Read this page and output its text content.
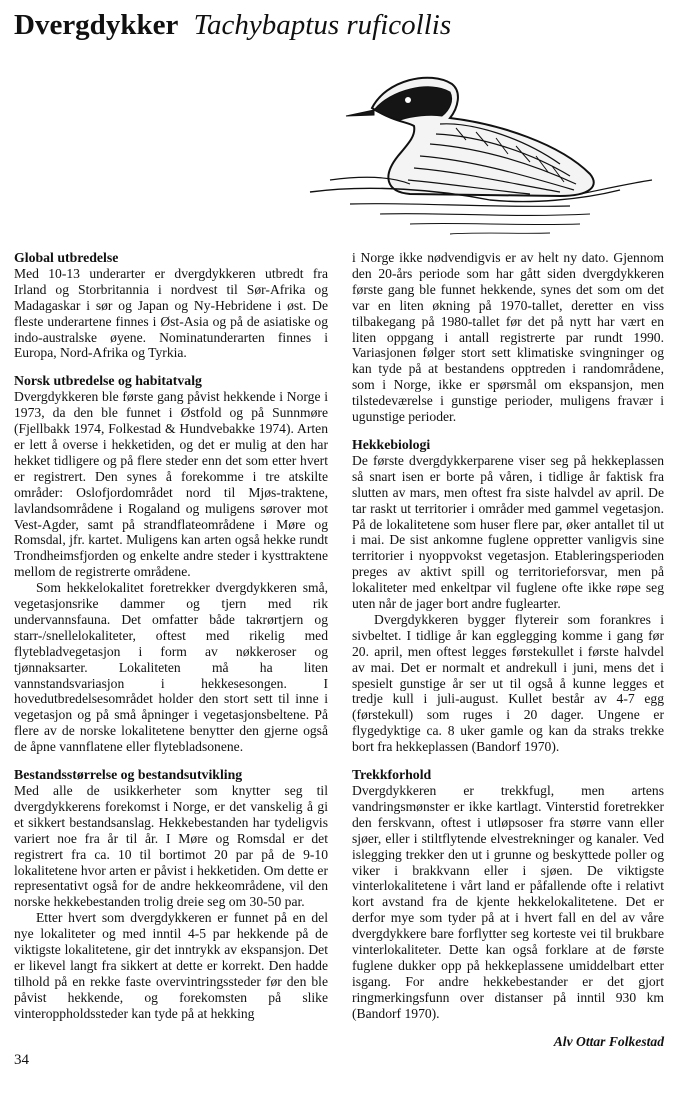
Dvergdykker Tachybaptus ruficollis
Global utbredelse

Med 10-13 underarter er dvergdykkeren utbredt fra Irland og Storbritannia i nordvest til Sør-Afrika og Madagaskar i sør og Japan og Ny-Hebridene i øst. De fleste underartene finnes i Øst-Asia og på de asiatiske og indo-australske øyene. Nominatunderarten finnes i Europa, Nord-Afrika og Tyrkia.

Norsk utbredelse og habitatvalg

Dvergdykkeren ble første gang påvist hekkende i Norge i 1973, da den ble funnet i Østfold og på Sunnmøre (Fjellbakk 1974, Folkestad & Hundvebakke 1974). Arten er lett å overse i hekketiden, og det er mulig at den har hekket tidligere og på flere steder enn det som etter hvert er registrert. Den synes å forekomme i tre atskilte områder: Oslofjordområdet nord til Mjøs-traktene, lavlandsområdene i Rogaland og muligens sørover mot Vest-Agder, samt på strandflateområdene i Møre og Romsdal, jfr. kartet. Muligens kan arten også hekke rundt Trondheimsfjorden og enkelte andre steder i kysttraktene mellom de registrerte områdene.

Som hekkelokalitet foretrekker dvergdykkeren små, vegetasjonsrike dammer og tjern med rik undervannsfauna. Det omfatter både takrørtjern og starr-/snellelokaliteter, oftest med rikelig med flytebladvegetasjon i form av nøkkeroser og tjønnaksarter. Lokaliteten må ha liten vannstandsvariasjon i hekkesesongen. I hovedutbredelsesområdet holder den stort sett til inne i vegetasjon og på små åpninger i vegetasjonsbeltene. På flere av de norske lokalitetene benytter den gjerne også de åpne vannflatene eller flytebladsonene.

Bestandsstørrelse og bestandsutvikling

Med alle de usikkerheter som knytter seg til dvergdykkerens forekomst i Norge, er det vanskelig å gi et sikkert bestandsanslag. Hekkebestanden har tydeligvis variert noe fra år til år. I Møre og Romsdal er det registrert fra ca. 10 til bortimot 20 par på de 9-10 lokalitetene hvor arten er påvist i hekketiden. Om dette er representativt også for de andre hekkeområdene, vil den norske hekkebestanden trolig dreie seg om 30-50 par.

Etter hvert som dvergdykkeren er funnet på en del nye lokaliteter og med inntil 4-5 par hekkende på de viktigste lokalitetene, gir det inntrykk av ekspansjon. Det er likevel langt fra sikkert at dette er korrekt. Den hadde tilhold på en rekke faste overvintringssteder før den ble påvist hekkende, og forekomsten på slike vinteroppholdssteder kan tyde på at hekking

i Norge ikke nødvendigvis er av helt ny dato. Gjennom den 20-års periode som har gått siden dvergdykkeren første gang ble funnet hekkende, synes det som om det var en liten økning på 1970-tallet, deretter en viss tilbakegang på 1980-tallet før det på nytt har vært en liten oppgang i antall registrerte par rundt 1990. Variasjonen følger stort sett klimatiske svingninger og kan tyde på at bestandens opptreden i randområdene, som i Norge, ikke er spørsmål om ekspansjon, men tilstedeværelse i gunstige perioder, muligens fravær i ugunstige perioder.

Hekkebiologi

De første dvergdykkerparene viser seg på hekkeplassen så snart isen er borte på våren, i tidlige år faktisk fra slutten av mars, men oftest fra siste halvdel av april. De tar raskt ut territorier i områder med gammel vegetasjon. På de lokalitetene som huser flere par, øker antallet til ut i mai. De sist ankomne fuglene oppretter vanligvis sine territorier i nyoppvokst vegetasjon. Etableringsperioden preges av aktivt spill og territorieforsvar, men på lokaliteter med enkeltpar vil fuglene ofte ikke røpe seg uten når de jager bort andre fuglearter.

Dvergdykkeren bygger flytereir som forankres i sivbeltet. I tidlige år kan egglegging komme i gang før 20. april, men oftest legges førstekullet i første halvdel av mai. Det er normalt et andrekull i juni, mens det i spesielt gunstige år ser ut til også å kunne legges et tredje kull i juli-august. Kullet består av 4-7 egg (førstekull) som ruges i 20 dager. Ungene er flygedyktige ca. 8 uker gamle og kan da straks trekke bort fra hekkeplassen (Bandorf 1970).

Trekkforhold

Dvergdykkeren er trekkfugl, men artens vandringsmønster er ikke kartlagt. Vinterstid foretrekker den ferskvann, oftest i utløpsoser fra større vann eller sjøer, eller i stiltflytende elvestrekninger og kanaler. Ved islegging trekker den ut i grunne og beskyttede poller og viker i brakkvann eller i sjøen. De viktigste vinterlokalitetene i vårt land er påfallende ofte i relativt kort avstand fra de kjente hekkelokalitetene. Det er derfor mye som tyder på at i hvert fall en del av våre dvergdykkere bare forflytter seg korteste vei til brukbare vinterlokaliteter. Dette kan også forklare at de første fuglene dukker opp på hekkeplassene umiddelbart etter isgang. For andre hekkebestander er det gjort ringmerkingsfunn over distanser på inntil 930 km (Bandorf 1970).

Alv Ottar Folkestad
34
